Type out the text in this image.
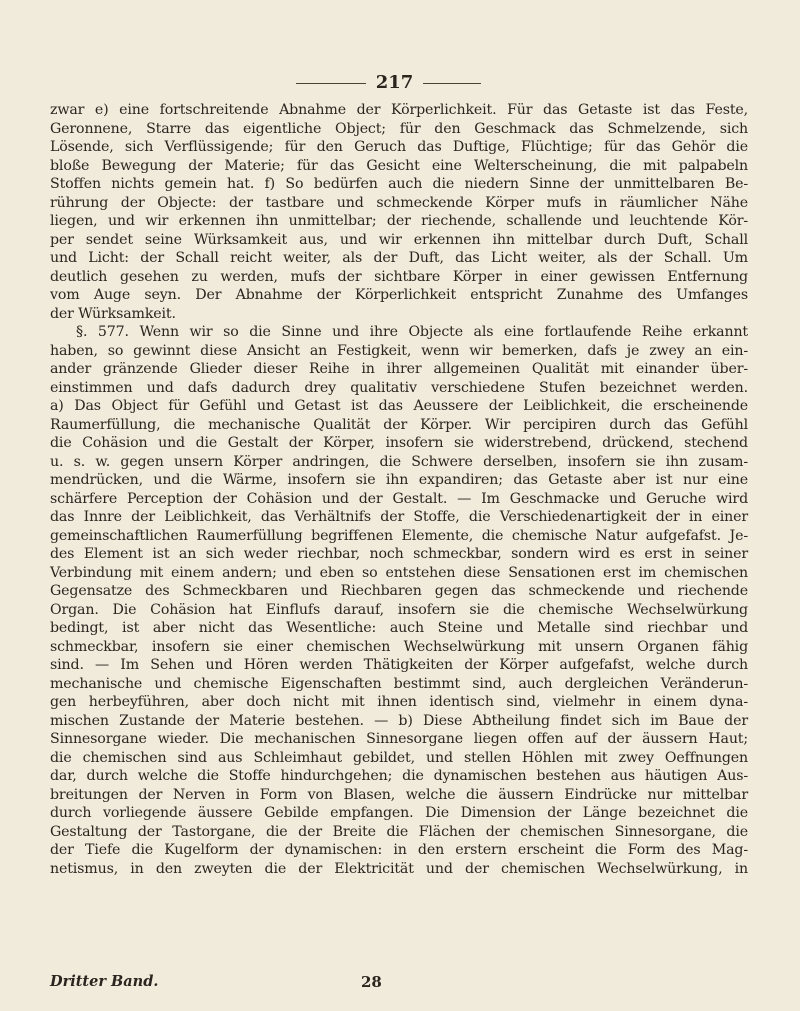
217
zwar e) eine fortschreitende Abnahme der Körperlichkeit. Für das Getaste ist das Feste,
Geronnene, Starre das eigentliche Object; für den Geschmack das Schmelzende, sich
Lösende, sich Verflüssigende; für den Geruch das Duftige, Flüchtige; für das Gehör die
bloße Bewegung der Materie; für das Gesicht eine Welterscheinung, die mit palpabeln
Stoffen nichts gemein hat. f) So bedürfen auch die niedern Sinne der unmittelbaren Be-
rührung der Objecte: der tastbare und schmeckende Körper mufs in räumlicher Nähe
liegen, und wir erkennen ihn unmittelbar; der riechende, schallende und leuchtende Kör-
per sendet seine Würksamkeit aus, und wir erkennen ihn mittelbar durch Duft, Schall
und Licht: der Schall reicht weiter, als der Duft, das Licht weiter, als der Schall. Um
deutlich gesehen zu werden, mufs der sichtbare Körper in einer gewissen Entfernung
vom Auge seyn. Der Abnahme der Körperlichkeit entspricht Zunahme des Umfanges
der Würksamkeit.
§. 577. Wenn wir so die Sinne und ihre Objecte als eine fortlaufende Reihe erkannt
haben, so gewinnt diese Ansicht an Festigkeit, wenn wir bemerken, dafs je zwey an ein-
ander gränzende Glieder dieser Reihe in ihrer allgemeinen Qualität mit einander über-
einstimmen und dafs dadurch drey qualitativ verschiedene Stufen bezeichnet werden.
a) Das Object für Gefühl und Getast ist das Aeussere der Leiblichkeit, die erscheinende
Raumerfüllung, die mechanische Qualität der Körper. Wir percipiren durch das Gefühl
die Cohäsion und die Gestalt der Körper, insofern sie widerstrebend, drückend, stechend
u. s. w. gegen unsern Körper andringen, die Schwere derselben, insofern sie ihn zusam-
mendrücken, und die Wärme, insofern sie ihn expandiren; das Getaste aber ist nur eine
schärfere Perception der Cohäsion und der Gestalt. — Im Geschmacke und Geruche wird
das Innre der Leiblichkeit, das Verhältnifs der Stoffe, die Verschiedenartigkeit der in einer
gemeinschaftlichen Raumerfüllung begriffenen Elemente, die chemische Natur aufgefafst. Je-
des Element ist an sich weder riechbar, noch schmeckbar, sondern wird es erst in seiner
Verbindung mit einem andern; und eben so entstehen diese Sensationen erst im chemischen
Gegensatze des Schmeckbaren und Riechbaren gegen das schmeckende und riechende
Organ. Die Cohäsion hat Einflufs darauf, insofern sie die chemische Wechselwürkung
bedingt, ist aber nicht das Wesentliche: auch Steine und Metalle sind riechbar und
schmeckbar, insofern sie einer chemischen Wechselwürkung mit unsern Organen fähig
sind. — Im Sehen und Hören werden Thätigkeiten der Körper aufgefafst, welche durch
mechanische und chemische Eigenschaften bestimmt sind, auch dergleichen Veränderun-
gen herbeyführen, aber doch nicht mit ihnen identisch sind, vielmehr in einem dyna-
mischen Zustande der Materie bestehen. — b) Diese Abtheilung findet sich im Baue der
Sinnesorgane wieder. Die mechanischen Sinnesorgane liegen offen auf der äussern Haut;
die chemischen sind aus Schleimhaut gebildet, und stellen Höhlen mit zwey Oeffnungen
dar, durch welche die Stoffe hindurchgehen; die dynamischen bestehen aus häutigen Aus-
breitungen der Nerven in Form von Blasen, welche die äussern Eindrücke nur mittelbar
durch vorliegende äussere Gebilde empfangen. Die Dimension der Länge bezeichnet die
Gestaltung der Tastorgane, die der Breite die Flächen der chemischen Sinnesorgane, die
der Tiefe die Kugelform der dynamischen: in den erstern erscheint die Form des Mag-
netismus, in den zweyten die der Elektricität und der chemischen Wechselwürkung, in
Dritter Band.	28
